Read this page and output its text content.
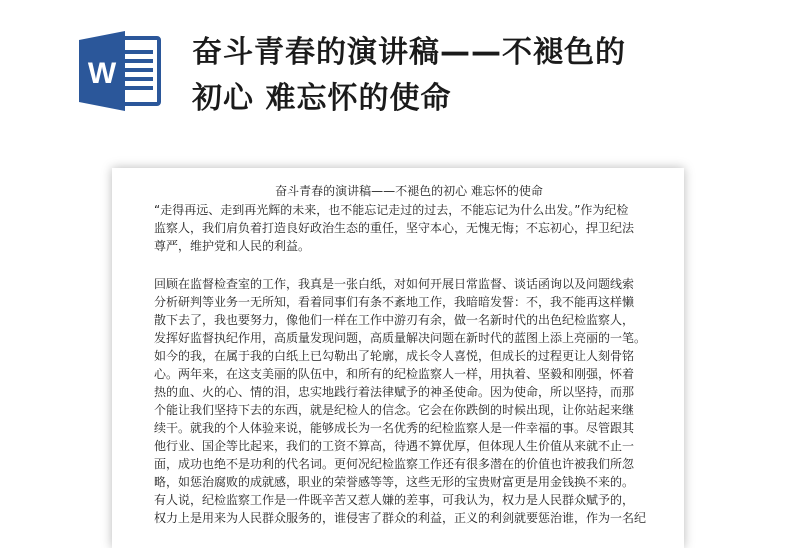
W
奋斗青春的演讲稿——不褪色的
初心 难忘怀的使命
奋斗青春的演讲稿——不褪色的初心 难忘怀的使命
“走得再远、走到再光辉的未来，也不能忘记走过的过去，不能忘记为什么出发。”作为纪检
监察人，我们肩负着打造良好政治生态的重任，坚守本心，无愧无悔；不忘初心，捍卫纪法
尊严，维护党和人民的利益。
回顾在监督检查室的工作，我真是一张白纸，对如何开展日常监督、谈话函询以及问题线索
分析研判等业务一无所知，看着同事们有条不紊地工作，我暗暗发誓：不，我不能再这样懒
散下去了，我也要努力，像他们一样在工作中游刃有余，做一名新时代的出色纪检监察人，
发挥好监督执纪作用，高质量发现问题，高质量解决问题在新时代的蓝图上添上亮丽的一笔。
如今的我，在属于我的白纸上已勾勒出了轮廓，成长令人喜悦，但成长的过程更让人刻骨铭
心。两年来，在这支美丽的队伍中，和所有的纪检监察人一样，用执着、坚毅和刚强，怀着
热的血、火的心、情的泪，忠实地践行着法律赋予的神圣使命。因为使命，所以坚持，而那
个能让我们坚持下去的东西，就是纪检人的信念。它会在你跌倒的时候出现，让你站起来继
续干。就我的个人体验来说，能够成长为一名优秀的纪检监察人是一件幸福的事。尽管跟其
他行业、国企等比起来，我们的工资不算高，待遇不算优厚，但体现人生价值从来就不止一
面，成功也绝不是功利的代名词。更何况纪检监察工作还有很多潜在的价值也许被我们所忽
略，如惩治腐败的成就感，职业的荣誉感等等，这些无形的宝贵财富更是用金钱换不来的。
有人说，纪检监察工作是一件既辛苦又惹人嫌的差事，可我认为，权力是人民群众赋予的，
权力上是用来为人民群众服务的，谁侵害了群众的利益，正义的利剑就要惩治谁，作为一名纪
